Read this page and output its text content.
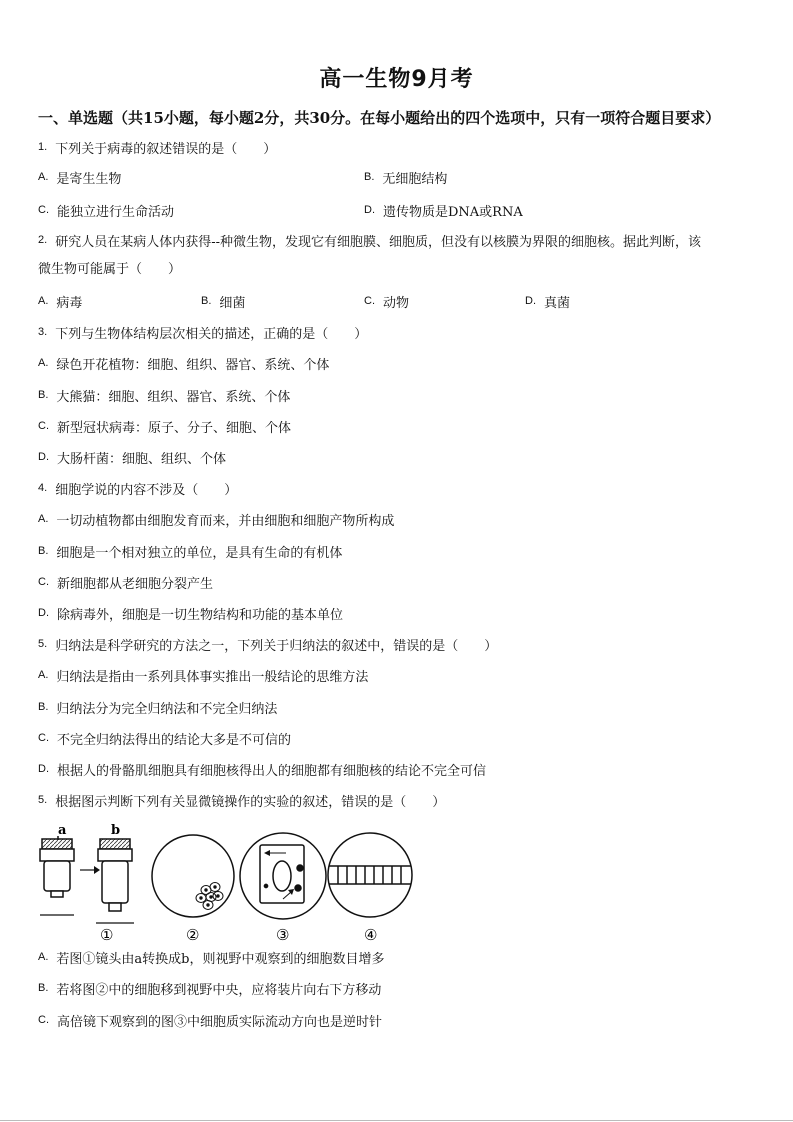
高一生物9月考
一、单选题（共15小题，每小题2分，共30分。在每小题给出的四个选项中，只有一项符合题目要求）
$^{1.}$ 下列关于病毒的叙述错误的是（　　）
$^{A.}$ 是寄生生物	$^{B.}$ 无细胞结构
$^{C.}$ 能独立进行生命活动	$^{D.}$ 遗传物质是DNA或RNA
$^{2.}$ 研究人员在某病人体内获得--种微生物，发现它有细胞膜、细胞质，但没有以核膜为界限的细胞核。据此判断，该
微生物可能属于（　　）
$^{A.}$ 病毒	$^{B.}$ 细菌	$^{C.}$ 动物	$^{D.}$ 真菌
$^{3.}$ 下列与生物体结构层次相关的描述，正确的是（　　）
$^{A.}$ 绿色开花植物：细胞、组织、器官、系统、个体
$^{B.}$ 大熊猫：细胞、组织、器官、系统、个体
$^{C.}$ 新型冠状病毒：原子、分子、细胞、个体
$^{D.}$ 大肠杆菌：细胞、组织、个体
$^{4.}$ 细胞学说的内容不涉及（　　）
$^{A.}$ 一切动植物都由细胞发育而来，并由细胞和细胞产物所构成
$^{B.}$ 细胞是一个相对独立的单位，是具有生命的有机体
$^{C.}$ 新细胞都从老细胞分裂产生
$^{D.}$ 除病毒外，细胞是一切生物结构和功能的基本单位
$^{5.}$ 归纳法是科学研究的方法之一，下列关于归纳法的叙述中，错误的是（　　）
$^{A.}$ 归纳法是指由一系列具体事实推出一般结论的思维方法
$^{B.}$ 归纳法分为完全归纳法和不完全归纳法
$^{C.}$ 不完全归纳法得出的结论大多是不可信的
$^{D.}$ 根据人的骨骼肌细胞具有细胞核得出人的细胞都有细胞核的结论不完全可信
$^{5.}$ 根据图示判断下列有关显微镜操作的实验的叙述，错误的是（　　）
a	b
①	②	③	④
$^{A.}$ 若图①镜头由a转换成b，则视野中观察到的细胞数目增多
$^{B.}$ 若将图②中的细胞移到视野中央，应将装片向右下方移动
$^{C.}$ 高倍镜下观察到的图③中细胞质实际流动方向也是逆时针
